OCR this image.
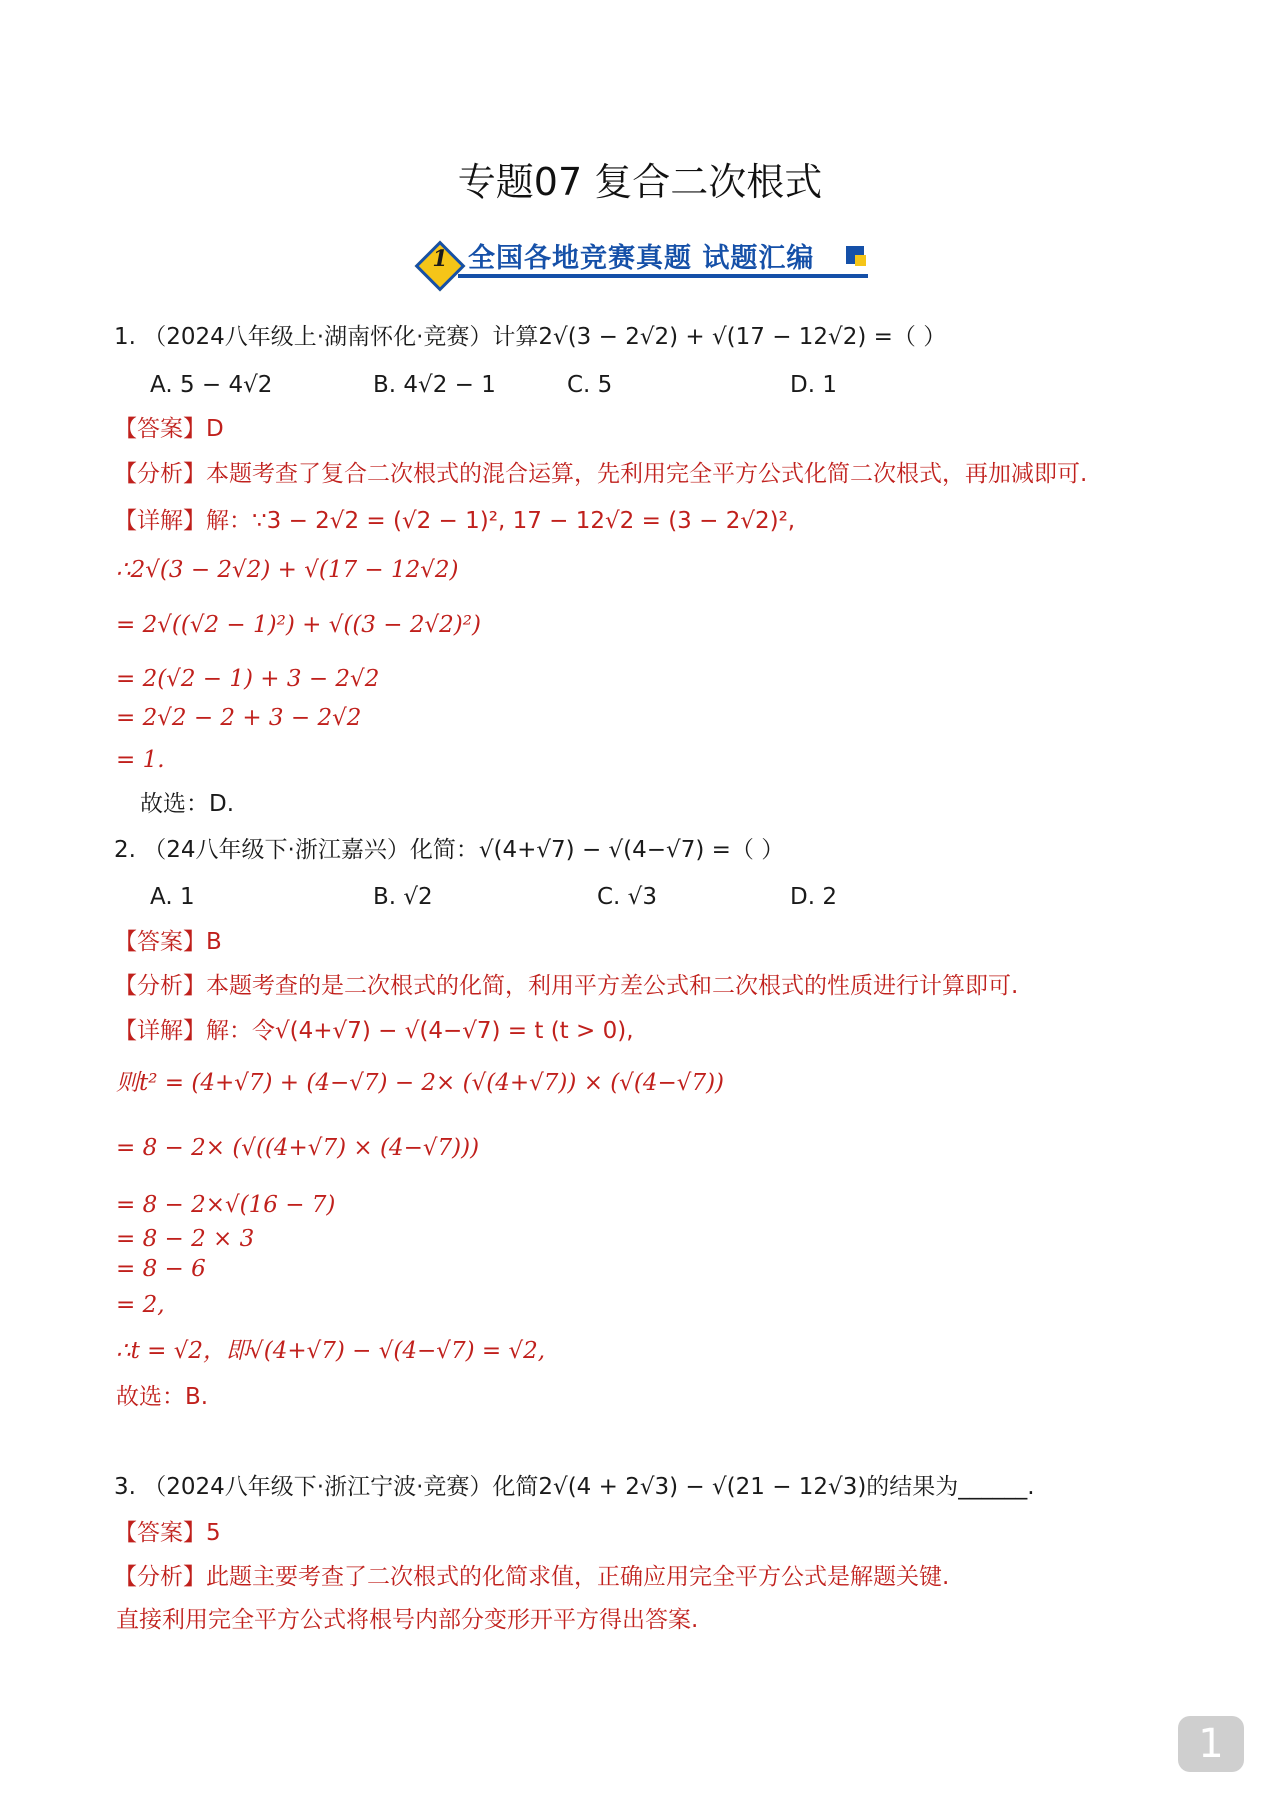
专题07 复合二次根式
1 全国各地竞赛真题 试题汇编
1. （2024八年级上·湖南怀化·竞赛）计算2√(3 − 2√2) + √(17 − 12√2) =（ ）
A. 5 − 4√2	B. 4√2 − 1	C. 5	D. 1
【答案】D
【分析】本题考查了复合二次根式的混合运算，先利用完全平方公式化简二次根式，再加减即可.
【详解】解：∵3 − 2√2 = (√2 − 1)², 17 − 12√2 = (3 − 2√2)²,
∴2√(3 − 2√2) + √(17 − 12√2)
= 2√((√2 − 1)²) + √((3 − 2√2)²)
= 2(√2 − 1) + 3 − 2√2
= 2√2 − 2 + 3 − 2√2
= 1.
故选：D.
2. （24八年级下·浙江嘉兴）化简：√(4+√7) − √(4−√7) =（ ）
A. 1	B. √2	C. √3	D. 2
【答案】B
【分析】本题考查的是二次根式的化简，利用平方差公式和二次根式的性质进行计算即可.
【详解】解：令√(4+√7) − √(4−√7) = t (t > 0),
则t² = (4+√7) + (4−√7) − 2× (√(4+√7)) × (√(4−√7))
= 8 − 2× (√((4+√7) × (4−√7)))
= 8 − 2×√(16 − 7)
= 8 − 2 × 3
= 8 − 6
= 2,
∴t = √2，即√(4+√7) − √(4−√7) = √2,
故选：B.
3. （2024八年级下·浙江宁波·竞赛）化简2√(4 + 2√3) − √(21 − 12√3)的结果为______.
【答案】5
【分析】此题主要考查了二次根式的化简求值，正确应用完全平方公式是解题关键.
直接利用完全平方公式将根号内部分变形开平方得出答案.
1
